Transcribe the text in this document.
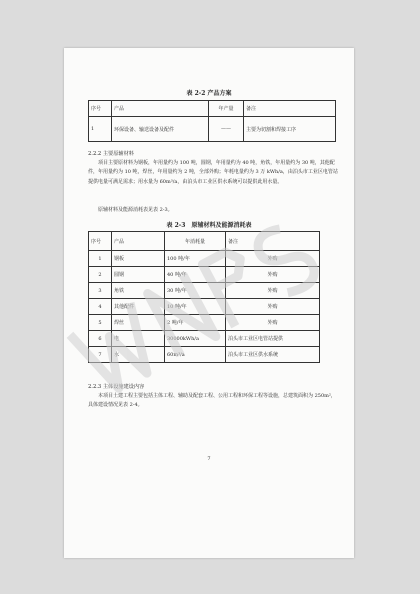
表 2-2 产品方案
序号	产品	年产量	备注
1	环保设备、输送设备及配件	——	主要为切割和焊接工序

2.2.2 主要原辅材料

项目主要原材料为钢板，年用量约为 100 吨，圆钢，年用量约为 40 吨，角铁，年用量约为 30 吨，其他配件，年用量约为 10 吨，焊丝，年用量约为 2 吨，全部外购；年耗电量约为 3 万 kWh/a，由泊头市工业区电管站提供电量可满足需求；用水量为 60m³/a，由泊头市工业区供水系统可以提供此用水量。

原辅材料及能源消耗表见表 2-3。

表 2-3　原辅材料及能源消耗表
序号	产品	年消耗量	备注
1	钢板	100 吨/年	外购
2	圆钢	40 吨/年	外购
3	角铁	30 吨/年	外购
4	其他配件	10 吨/年	外购
5	焊丝	2 吨/年	外购
6	电	30000kWh/a	泊头市工业区电管站提供
7	水	60m³/a	泊头市工业区供水系统

2.2.3 主体设施建设内容

本项目土建工程主要包括主体工程、辅助及配套工程、公用工程和环保工程等设施，总建筑面积为 250m²，具体建设情况见表 2-4。

7
